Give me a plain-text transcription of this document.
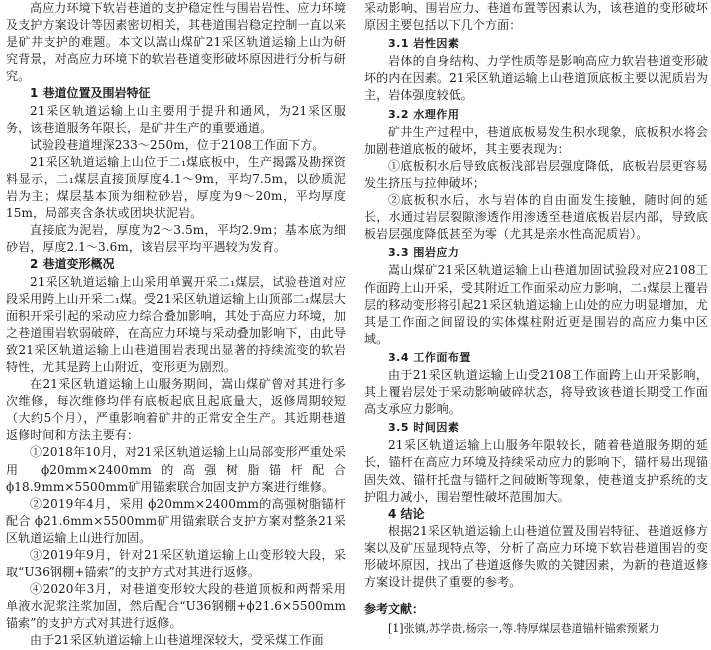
高应力环境下软岩巷道的支护稳定性与围岩岩性、应力环境及支护方案设计等因素密切相关，其巷道围岩稳定控制一直以来是矿井支护的难题。本文以嵩山煤矿21采区轨道运输上山为研究背景，对高应力环境下的软岩巷道变形破坏原因进行分析与研究。

1 巷道位置及围岩特征

21采区轨道运输上山主要用于提升和通风，为21采区服务，该巷道服务年限长，是矿井生产的重要通道。

试验段巷道埋深233～250m，位于2108工作面下方。

21采区轨道运输上山位于二₁煤底板中，生产揭露及勘探资料显示，二₁煤层直接顶厚度4.1～9m，平均7.5m，以砂质泥岩为主；煤层基本顶为细粒砂岩，厚度为9～20m，平均厚度15m，局部夹含条状或团块状泥岩。

直接底为泥岩，厚度为2～3.5m，平均2.9m；基本底为细砂岩，厚度2.1～3.6m，该岩层平均平遇较为发育。

2 巷道变形概况

21采区轨道运输上山采用单翼开采二₁煤层，试验巷道对应段采用跨上山开采二₁煤。受21采区轨道运输上山顶部二₁煤层大面积开采引起的采动应力综合叠加影响，其处于高应力环境，加之巷道围岩软弱破碎，在高应力环境与采动叠加影响下，由此导致21采区轨道运输上山巷道围岩表现出显著的持续流变的软岩特性，尤其是跨上山附近，变形更为剧烈。

在21采区轨道运输上山服务期间，嵩山煤矿曾对其进行多次维修，每次维修均伴有底板起底且起底量大，返修周期较短（大约5个月），严重影响着矿井的正常安全生产。其近期巷道返修时间和方法主要有：

①2018年10月，对21采区轨道运输上山局部变形严重处采用 ϕ20mm×2400mm的高强树脂锚杆配合 ϕ18.9mm×5500mm矿用锚索联合加固支护方案进行维修。

②2019年4月，采用 ϕ20mm×2400mm的高强树脂锚杆配合 ϕ21.6mm×5500mm矿用锚索联合支护方案对整条21采区轨道运输上山进行加固。

③2019年9月，针对21采区轨道运输上山变形较大段，采取“U36钢棚+锚索”的支护方式对其进行返修。

④2020年3月，对巷道变形较大段的巷道顶板和两帮采用单液水泥浆注浆加固，然后配合“U36钢棚+ϕ21.6×5500mm锚索”的支护方式对其进行返修。

由于21采区轨道运输上山巷道埋深较大，受采煤工作面

采动影响、围岩应力、巷道布置等因素认为，该巷道的变形破坏原因主要包括以下几个方面：

3.1 岩性因素

岩体的自身结构、力学性质等是影响高应力软岩巷道变形破坏的内在因素。21采区轨道运输上山巷道顶底板主要以泥质岩为主，岩体强度较低。

3.2 水理作用

矿井生产过程中，巷道底板易发生积水现象，底板积水将会加剧巷道底板的破坏，其主要表现为：

①底板积水后导致底板浅部岩层强度降低，底板岩层更容易发生挤压与拉伸破坏；

②底板积水后，水与岩体的自由面发生接触，随时间的延长，水通过岩层裂隙渗透作用渗透至巷道底板岩层内部，导致底板岩层强度降低甚至为零（尤其是亲水性高泥质岩）。

3.3 围岩应力

嵩山煤矿21采区轨道运输上山巷道加固试验段对应2108工作面跨上山开采，受其附近工作面采动应力影响，二₁煤层上覆岩层的移动变形将引起21采区轨道运输上山处的应力明显增加，尤其是工作面之间留设的实体煤柱附近更是围岩的高应力集中区域。

3.4 工作面布置

由于21采区轨道运输上山受2108工作面跨上山开采影响，其上覆岩层处于采动影响破碎状态，将导致该巷道长期受工作面高支承应力影响。

3.5 时间因素

21采区轨道运输上山服务年限较长，随着巷道服务期的延长，锚杆在高应力环境及持续采动应力的影响下，锚杆易出现锚固失效、锚杆托盘与锚杆之间破断等现象，使巷道支护系统的支护阻力减小，围岩塑性破坏范围加大。

4 结论

根据21采区轨道运输上山巷道位置及围岩特征、巷道返修方案以及矿压显现特点等，分析了高应力环境下软岩巷道围岩的变形破坏原因，找出了巷道返修失败的关键因素，为新的巷道返修方案设计提供了重要的参考。

参考文献：

[1]张镇,苏学贵,杨宗一,等.特厚煤层巷道锚杆锚索预紧力
